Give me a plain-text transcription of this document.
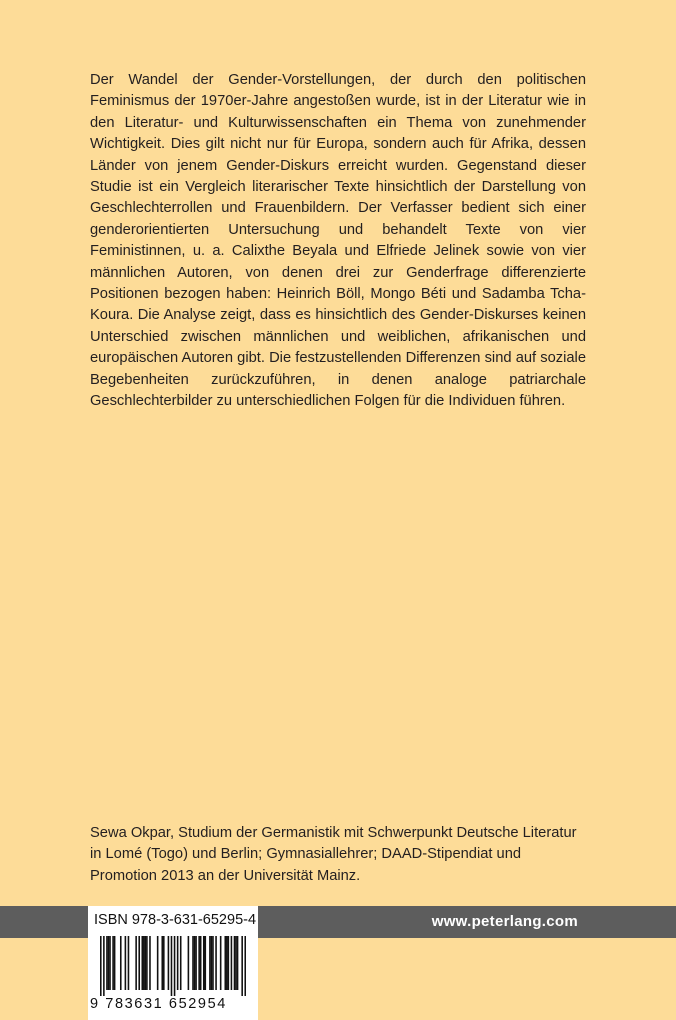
Der Wandel der Gender-Vorstellungen, der durch den politischen Feminismus der 1970er-Jahre angestoßen wurde, ist in der Literatur wie in den Literatur- und Kulturwissenschaften ein Thema von zunehmender Wichtigkeit. Dies gilt nicht nur für Europa, sondern auch für Afrika, dessen Länder von jenem Gender-Diskurs erreicht wurden. Gegenstand dieser Studie ist ein Vergleich literarischer Texte hinsichtlich der Darstellung von Geschlechterrollen und Frauenbildern. Der Verfasser bedient sich einer genderorientierten Untersuchung und behandelt Texte von vier Feministinnen, u. a. Calixthe Beyala und Elfriede Jelinek sowie von vier männlichen Autoren, von denen drei zur Genderfrage differenzierte Positionen bezogen haben: Heinrich Böll, Mongo Béti und Sadamba Tcha-Koura. Die Analyse zeigt, dass es hinsichtlich des Gender-Diskurses keinen Unterschied zwischen männlichen und weiblichen, afrikanischen und europäischen Autoren gibt. Die festzustellenden Differenzen sind auf soziale Begebenheiten zurückzuführen, in denen analoge patriarchale Geschlechterbilder zu unterschiedlichen Folgen für die Individuen führen.

Sewa Okpar, Studium der Germanistik mit Schwerpunkt Deutsche Literatur in Lomé (Togo) und Berlin; Gymnasiallehrer; DAAD-Stipendiat und Promotion 2013 an der Universität Mainz.

www.peterlang.com
ISBN 978-3-631-65295-4
9 783631 652954
